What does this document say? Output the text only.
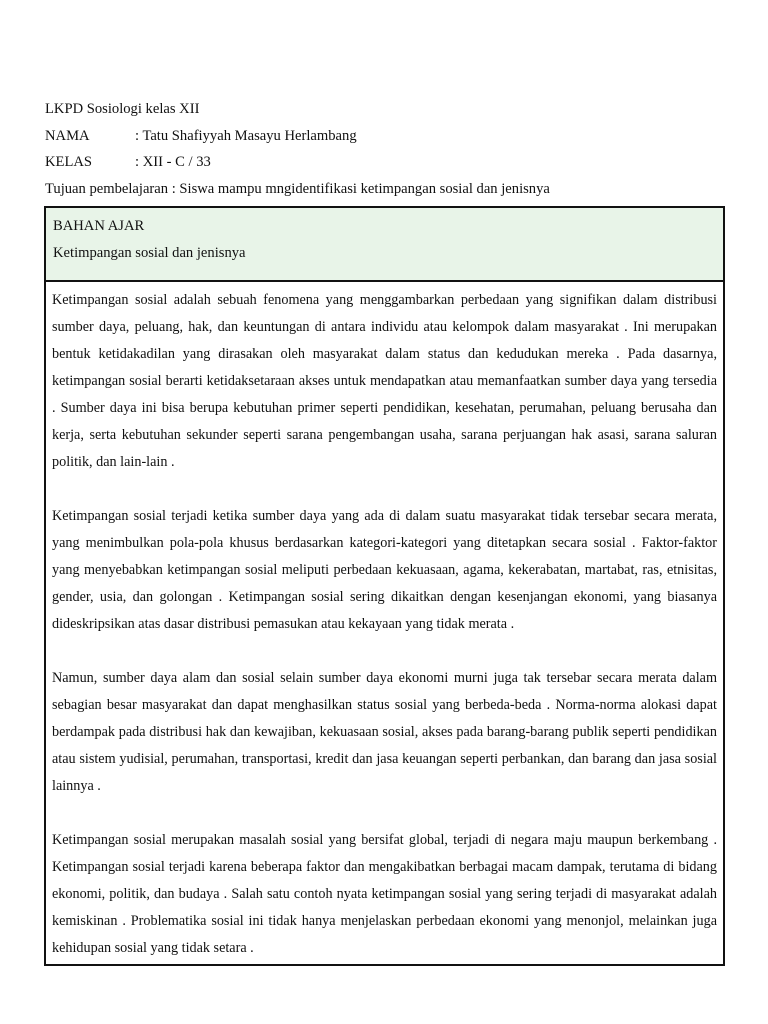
LKPD Sosiologi kelas XII
NAMA	: Tatu Shafiyyah Masayu Herlambang
KELAS	: XII - C / 33
Tujuan pembelajaran : Siswa mampu mngidentifikasi ketimpangan sosial dan jenisnya
BAHAN AJAR
Ketimpangan sosial dan jenisnya

Ketimpangan sosial adalah sebuah fenomena yang menggambarkan perbedaan yang signifikan dalam distribusi sumber daya, peluang, hak, dan keuntungan di antara individu atau kelompok dalam masyarakat . Ini merupakan bentuk ketidakadilan yang dirasakan oleh masyarakat dalam status dan kedudukan mereka . Pada dasarnya, ketimpangan sosial berarti ketidaksetaraan akses untuk mendapatkan atau memanfaatkan sumber daya yang tersedia . Sumber daya ini bisa berupa kebutuhan primer seperti pendidikan, kesehatan, perumahan, peluang berusaha dan kerja, serta kebutuhan sekunder seperti sarana pengembangan usaha, sarana perjuangan hak asasi, sarana saluran politik, dan lain-lain .

Ketimpangan sosial terjadi ketika sumber daya yang ada di dalam suatu masyarakat tidak tersebar secara merata, yang menimbulkan pola-pola khusus berdasarkan kategori-kategori yang ditetapkan secara sosial . Faktor-faktor yang menyebabkan ketimpangan sosial meliputi perbedaan kekuasaan, agama, kekerabatan, martabat, ras, etnisitas, gender, usia, dan golongan . Ketimpangan sosial sering dikaitkan dengan kesenjangan ekonomi, yang biasanya dideskripsikan atas dasar distribusi pemasukan atau kekayaan yang tidak merata .

Namun, sumber daya alam dan sosial selain sumber daya ekonomi murni juga tak tersebar secara merata dalam sebagian besar masyarakat dan dapat menghasilkan status sosial yang berbeda-beda . Norma-norma alokasi dapat berdampak pada distribusi hak dan kewajiban, kekuasaan sosial, akses pada barang-barang publik seperti pendidikan atau sistem yudisial, perumahan, transportasi, kredit dan jasa keuangan seperti perbankan, dan barang dan jasa sosial lainnya .

Ketimpangan sosial merupakan masalah sosial yang bersifat global, terjadi di negara maju maupun berkembang . Ketimpangan sosial terjadi karena beberapa faktor dan mengakibatkan berbagai macam dampak, terutama di bidang ekonomi, politik, dan budaya . Salah satu contoh nyata ketimpangan sosial yang sering terjadi di masyarakat adalah kemiskinan . Problematika sosial ini tidak hanya menjelaskan perbedaan ekonomi yang menonjol, melainkan juga kehidupan sosial yang tidak setara .
